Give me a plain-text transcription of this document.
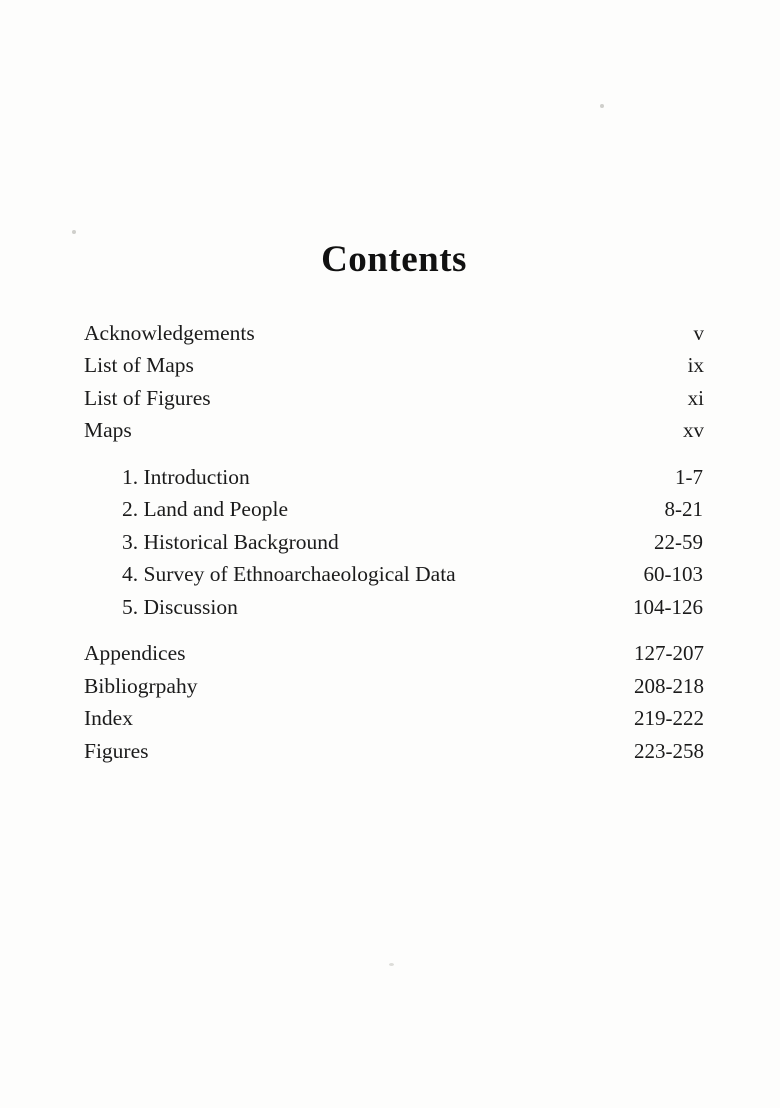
Contents
Acknowledgements	v
List of Maps	ix
List of Figures	xi
Maps	xv
1. Introduction	1-7
2. Land and People	8-21
3. Historical Background	22-59
4. Survey of Ethnoarchaeological Data	60-103
5. Discussion	104-126
Appendices	127-207
Bibliogrpahy	208-218
Index	219-222
Figures	223-258
